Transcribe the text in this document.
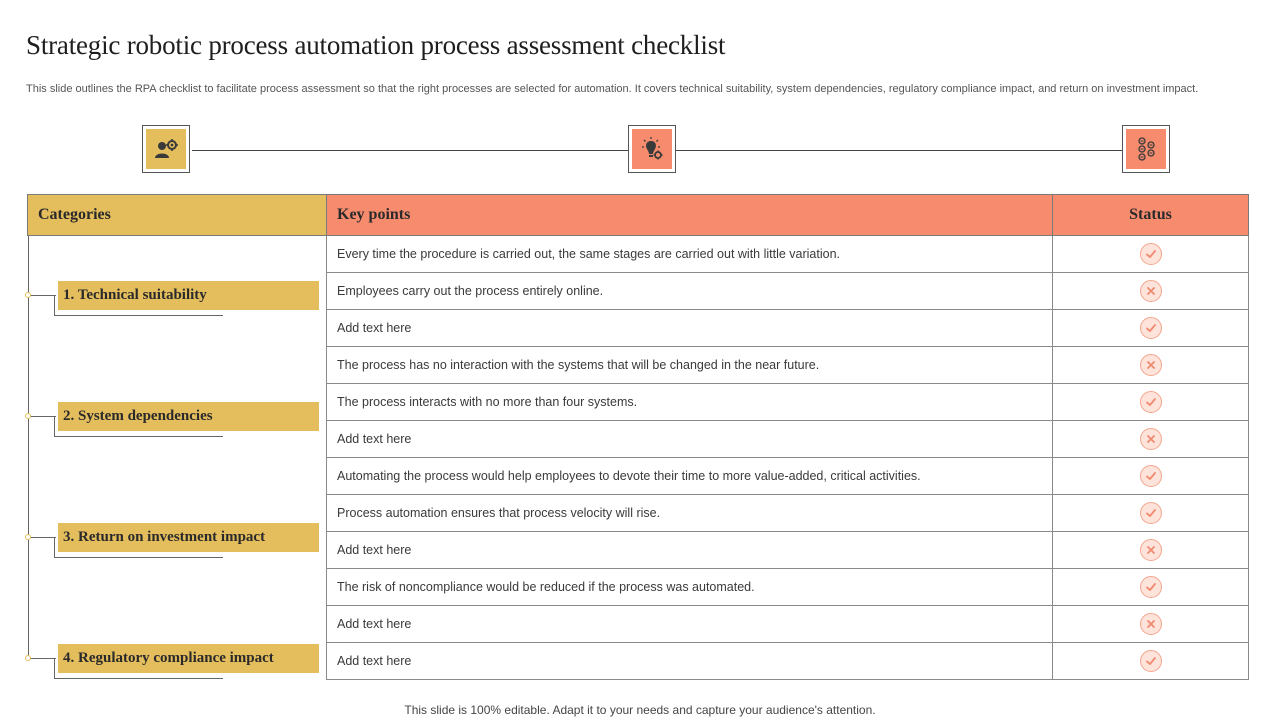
Strategic robotic process automation process assessment checklist

This slide outlines the RPA checklist to facilitate process assessment so that the right processes are selected for automation. It covers technical suitability, system dependencies, regulatory compliance impact, and return on investment impact.

Categories	Key points	Status
Every time the procedure is carried out, the same stages are carried out with little variation.
Employees carry out the process entirely online.
Add text here
The process has no interaction with the systems that will be changed in the near future.
The process interacts with no more than four systems.
Add text here
Automating the process would help employees to devote their time to more value-added, critical activities.
Process automation ensures that process velocity will rise.
Add text here
The risk of noncompliance would be reduced if the process was automated.
Add text here
Add text here
1. Technical suitability
2. System dependencies
3. Return on investment impact
4. Regulatory compliance impact
This slide is 100% editable. Adapt it to your needs and capture your audience's attention.
